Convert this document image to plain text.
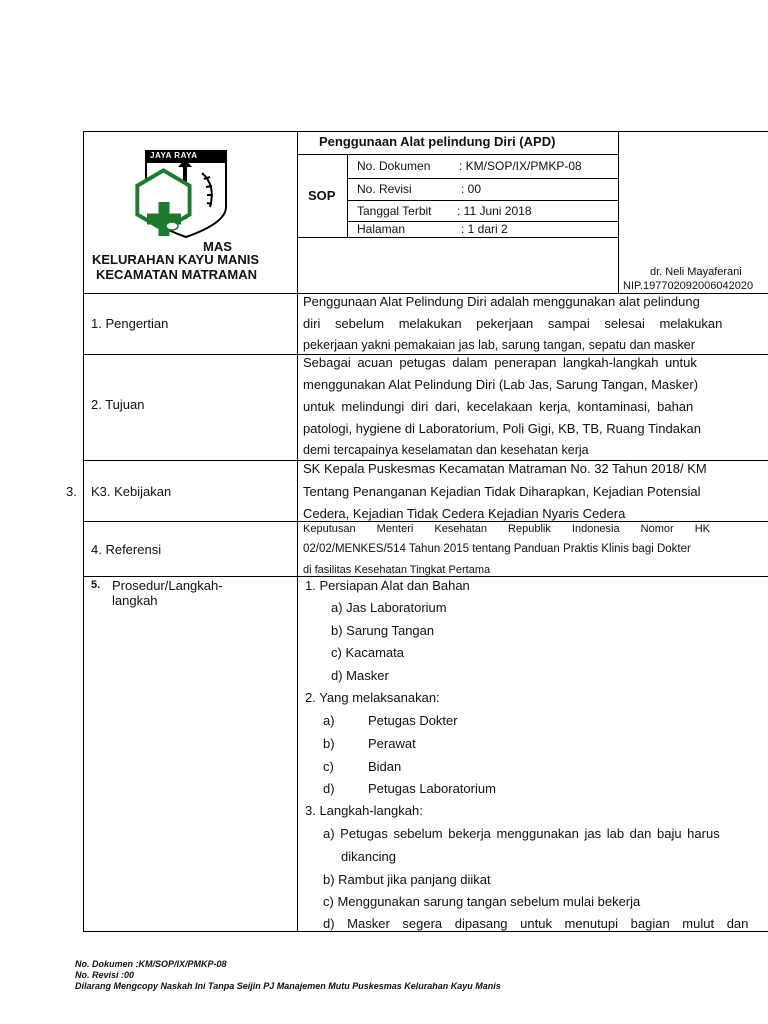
JAYA RAYA
MAS
KELURAHAN KAYU MANIS
KECAMATAN MATRAMAN
Penggunaan Alat pelindung Diri (APD)
SOP
No. Dokumen : KM/SOP/IX/PMKP-08
No. Revisi	: 00
Tanggal Terbit : 11 Juni 2018
Halaman	: 1 dari 2
dr. Neli Mayaferani
NIP.197702092006042020
1. Pengertian
Penggunaan Alat Pelindung Diri adalah menggunakan alat pelindung
diri sebelum melakukan pekerjaan sampai selesai melakukan
pekerjaan yakni pemakaian jas lab, sarung tangan, sepatu dan masker
2. Tujuan
Sebagai acuan petugas dalam penerapan langkah-langkah untuk
menggunakan Alat Pelindung Diri (Lab Jas, Sarung Tangan, Masker)
untuk melindungi diri dari, kecelakaan kerja, kontaminasi, bahan
patologi, hygiene di Laboratorium, Poli Gigi, KB, TB, Ruang Tindakan
demi tercapainya keselamatan dan kesehatan kerja
3. K3. Kebijakan
SK Kepala Puskesmas Kecamatan Matraman No. 32 Tahun 2018/ KM
Tentang Penanganan Kejadian Tidak Diharapkan, Kejadian Potensial
Cedera, Kejadian Tidak Cedera Kejadian Nyaris Cedera
4. Referensi
Keputusan Menteri Kesehatan Republik Indonesia Nomor HK
02/02/MENKES/514 Tahun 2015 tentang Panduan Praktis Klinis bagi Dokter
di fasilitas Kesehatan Tingkat Pertama
5. Prosedur/Langkah-
langkah
1. Persiapan Alat dan Bahan
a) Jas Laboratorium
b) Sarung Tangan
c) Kacamata
d) Masker
2. Yang melaksanakan:
a)	Petugas Dokter
b)	Perawat
c)	Bidan
d)	Petugas Laboratorium
3. Langkah-langkah:
a) Petugas sebelum bekerja menggunakan jas lab dan baju harus
dikancing
b) Rambut jika panjang diikat
c) Menggunakan sarung tangan sebelum mulai bekerja
d) Masker segera dipasang untuk menutupi bagian mulut dan
No. Dokumen :KM/SOP/IX/PMKP-08
No. Revisi :00
Dilarang Mengcopy Naskah Ini Tanpa Seijin PJ Manajemen Mutu Puskesmas Kelurahan Kayu Manis
